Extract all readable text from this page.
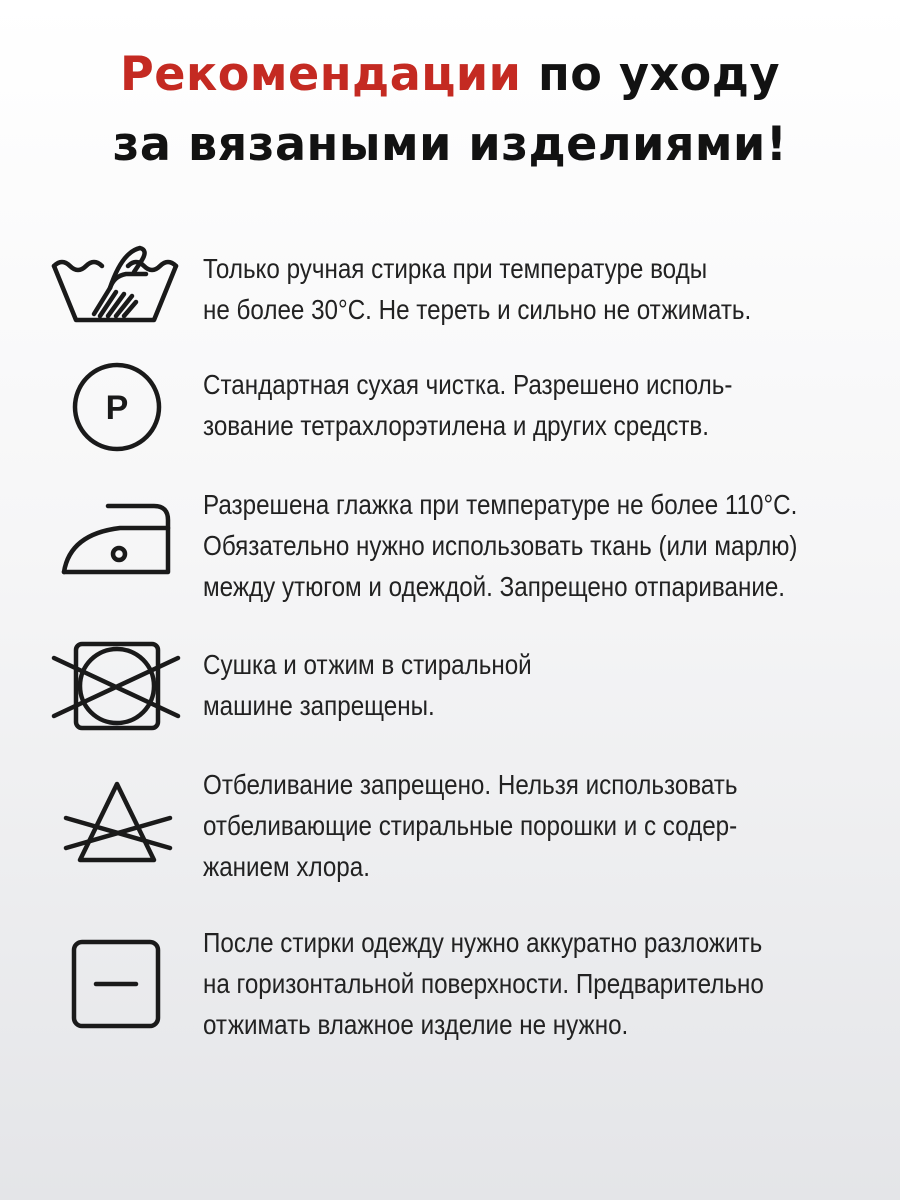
Рекомендации по уходу
за вязаными изделиями!

Только ручная стирка при температуре воды
не более 30°С. Не тереть и сильно не отжимать.

P

Стандартная сухая чистка. Разрешено исполь-
зование тетрахлорэтилена и других средств.

Разрешена глажка при температуре не более 110°С.
Обязательно нужно использовать ткань (или марлю)
между утюгом и одеждой. Запрещено отпаривание.

Сушка и отжим в стиральной
машине запрещены.

Отбеливание запрещено. Нельзя использовать
отбеливающие стиральные порошки и с содер-
жанием хлора.

После стирки одежду нужно аккуратно разложить
на горизонтальной поверхности. Предварительно
отжимать влажное изделие не нужно.
